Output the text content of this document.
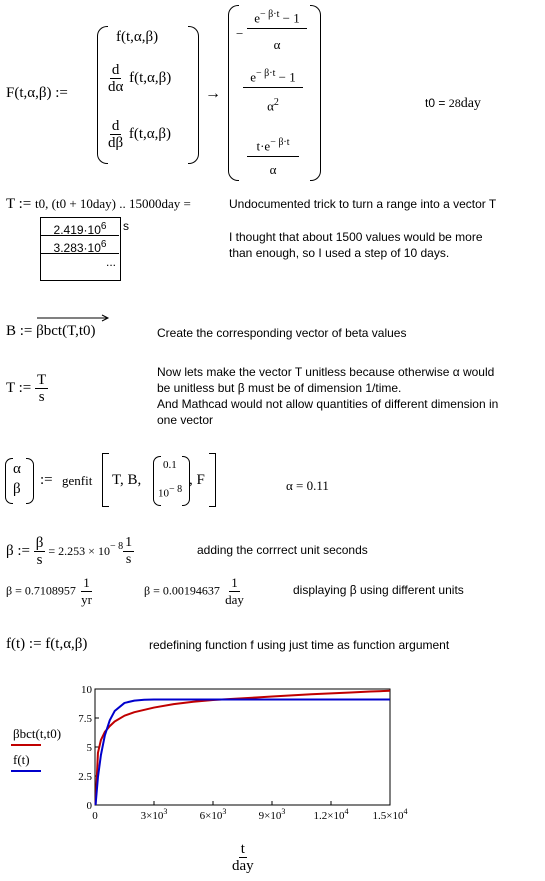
F(t,α,β) :=
f(t,α,β)
$\frac{d}{d\alpha} f(t,\alpha,\beta)$
$\frac{d}{d\beta} f(t,\alpha,\beta)$
→
−
$e^{- \beta\cdot t} - 1$
α
$e^{- \beta\cdot t} - 1$
$\alpha^2$
$t\cdot e^{- \beta\cdot t}$
α
t0 = 28day
T := t0, (t0 + 10day) .. 15000day =	Undocumented trick to turn a range into a vector T
$2.419\cdot 10^6$
$3.283\cdot 10^6$
...
s
I thought that about 1500 values would be more
than enough, so I used a step of 10 days.
B :=
βbct(T,t0)	Create the corresponding vector of beta values
T := $\frac{T}{s}$	Now lets make the vector T unitless because otherwise α would
be unitless but β must be of dimension 1/time.
And Mathcad would not allow quantities of different dimension in
one vector
α
β
:= genfit T, B,
0.1
$10^{- 8}$
, F	α = 0.11
β := $\frac{\beta}{s} = 2.253 \times 10^{- 8} \frac{1}{s}$	adding the corrrect unit seconds
$\beta = 0.7108957 \frac{1}{yr}$	$\beta = 0.00194637 \frac{1}{\text{day}}$	displaying β using different units
f(t) := f(t,α,β)	redefining function f using just time as function argument
βbct(t,t0)
f(t)
0	$3\times 10^3$	$6\times 10^3$	$9\times 10^3$	$1.2\times 10^4$ $1.5\times 10^4$
0
2.5
5
7.5
10
$\frac{t}{\text{day}}$
